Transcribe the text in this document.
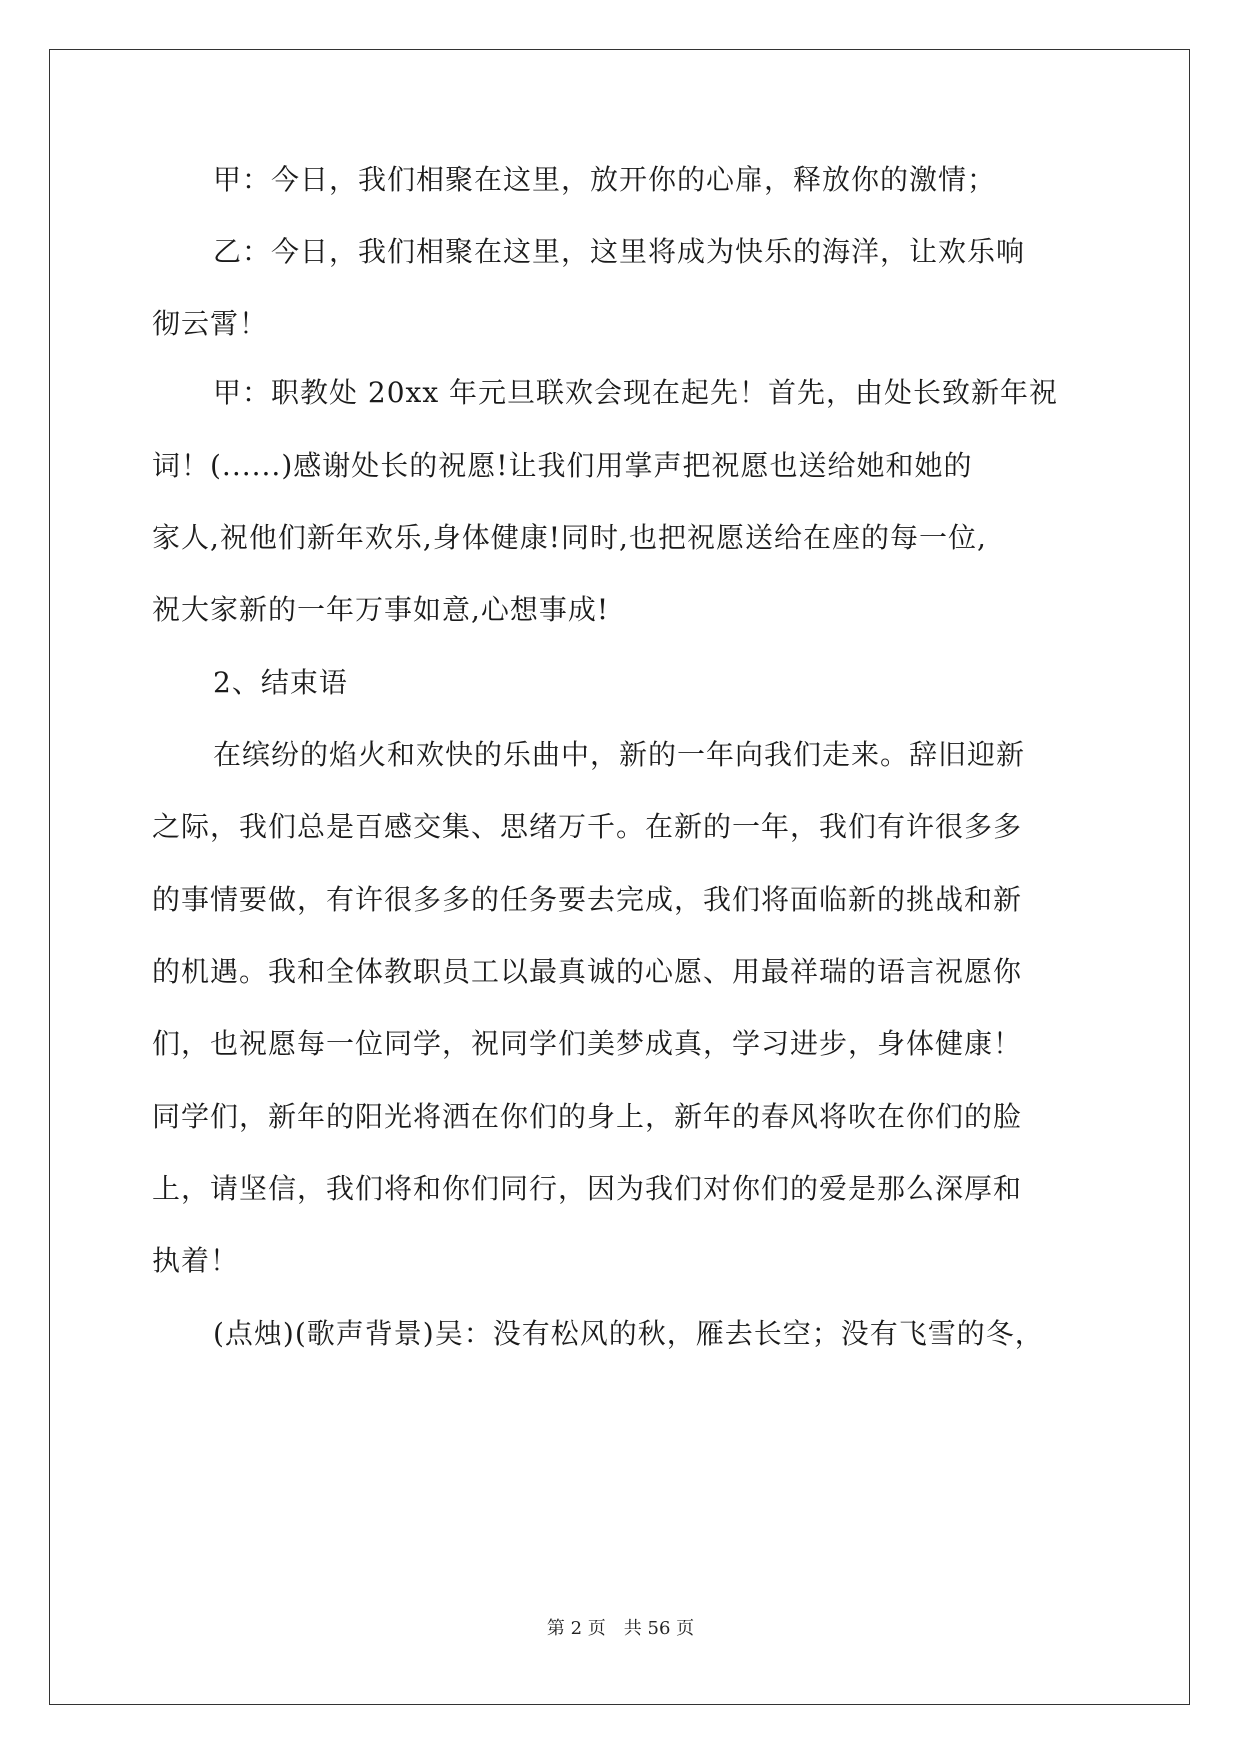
甲：今日，我们相聚在这里，放开你的心扉，释放你的激情；
乙：今日，我们相聚在这里，这里将成为快乐的海洋，让欢乐响
彻云霄！
甲：职教处 20xx 年元旦联欢会现在起先！首先，由处长致新年祝
词！(......)感谢处长的祝愿!让我们用掌声把祝愿也送给她和她的
家人,祝他们新年欢乐,身体健康!同时,也把祝愿送给在座的每一位,
祝大家新的一年万事如意,心想事成!
2、结束语
在缤纷的焰火和欢快的乐曲中，新的一年向我们走来。辞旧迎新
之际，我们总是百感交集、思绪万千。在新的一年，我们有许很多多
的事情要做，有许很多多的任务要去完成，我们将面临新的挑战和新
的机遇。我和全体教职员工以最真诚的心愿、用最祥瑞的语言祝愿你
们，也祝愿每一位同学，祝同学们美梦成真，学习进步，身体健康！
同学们，新年的阳光将洒在你们的身上，新年的春风将吹在你们的脸
上，请坚信，我们将和你们同行，因为我们对你们的爱是那么深厚和
执着！
(点烛)(歌声背景)吴：没有松风的秋，雁去长空；没有飞雪的冬，
第 2 页 共 56 页
